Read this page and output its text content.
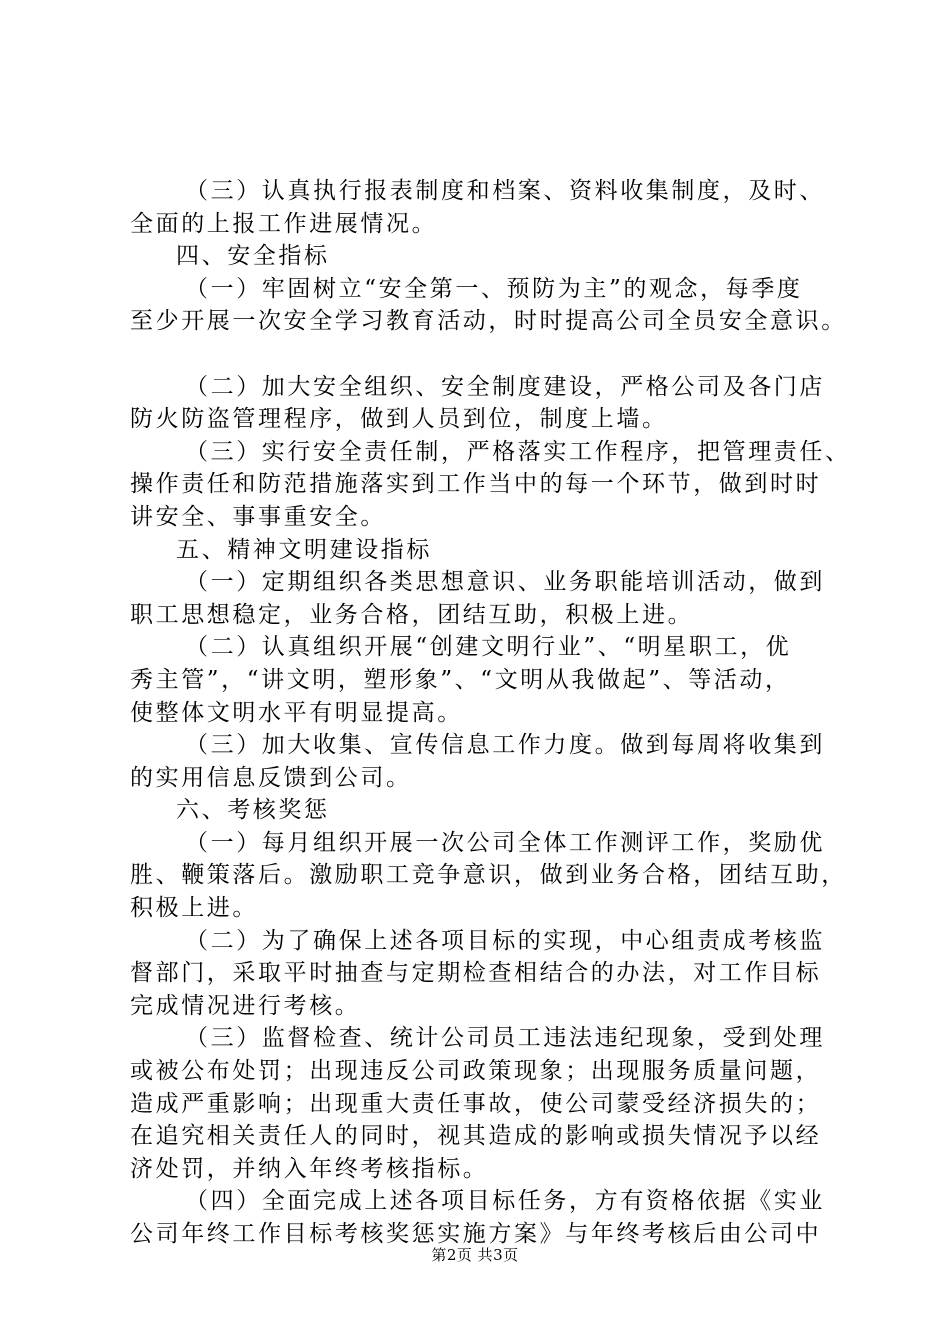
（三）认真执行报表制度和档案、资料收集制度，及时、
全面的上报工作进展情况。
四、安全指标
（一）牢固树立“安全第一、预防为主”的观念，每季度
至少开展一次安全学习教育活动，时时提高公司全员安全意识。
（二）加大安全组织、安全制度建设，严格公司及各门店
防火防盗管理程序，做到人员到位，制度上墙。
（三）实行安全责任制，严格落实工作程序，把管理责任、
操作责任和防范措施落实到工作当中的每一个环节，做到时时
讲安全、事事重安全。
五、精神文明建设指标
（一）定期组织各类思想意识、业务职能培训活动，做到
职工思想稳定，业务合格，团结互助，积极上进。
（二）认真组织开展“创建文明行业”、“明星职工，优
秀主管”，“讲文明，塑形象”、“文明从我做起”、等活动，
使整体文明水平有明显提高。
（三）加大收集、宣传信息工作力度。做到每周将收集到
的实用信息反馈到公司。
六、考核奖惩
（一）每月组织开展一次公司全体工作测评工作，奖励优
胜、鞭策落后。激励职工竞争意识，做到业务合格，团结互助，
积极上进。
（二）为了确保上述各项目标的实现，中心组责成考核监
督部门，采取平时抽查与定期检查相结合的办法，对工作目标
完成情况进行考核。
（三）监督检查、统计公司员工违法违纪现象，受到处理
或被公布处罚；出现违反公司政策现象；出现服务质量问题，
造成严重影响；出现重大责任事故，使公司蒙受经济损失的；
在追究相关责任人的同时，视其造成的影响或损失情况予以经
济处罚，并纳入年终考核指标。
（四）全面完成上述各项目标任务，方有资格依据《实业
公司年终工作目标考核奖惩实施方案》与年终考核后由公司中
第2页 共3页
